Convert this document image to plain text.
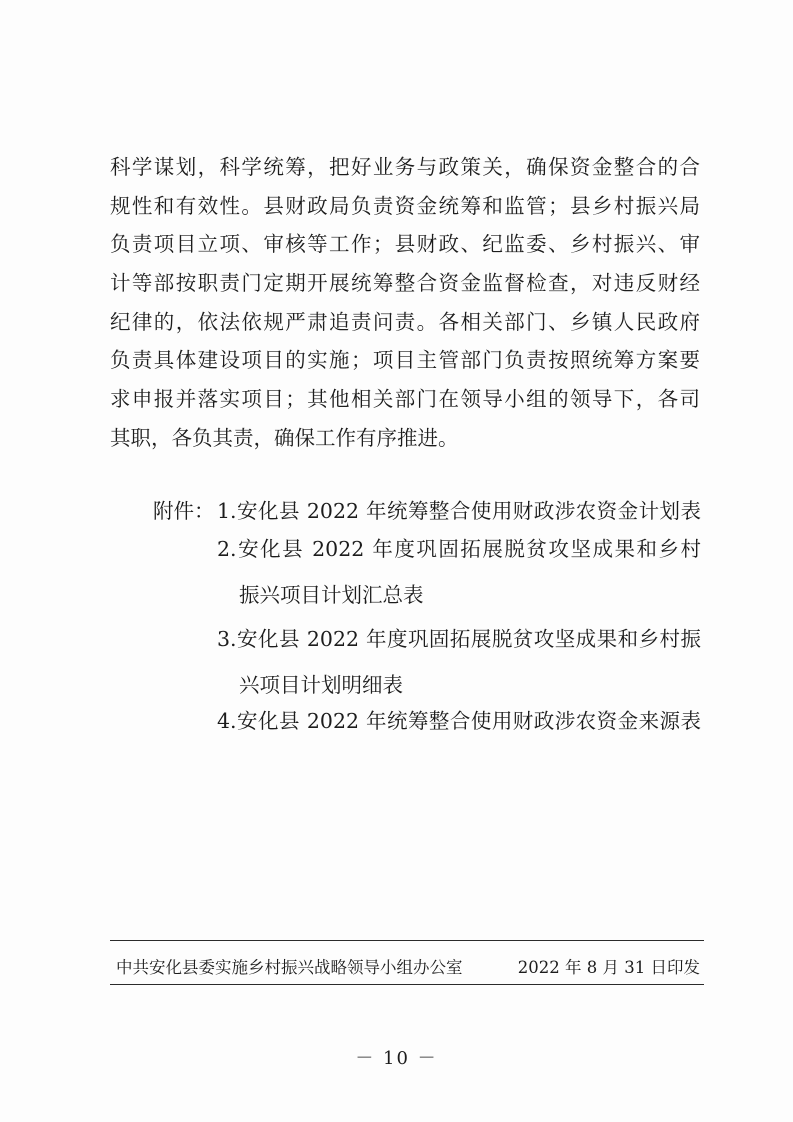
科学谋划，科学统筹，把好业务与政策关，确保资金整合的合
规性和有效性。县财政局负责资金统筹和监管；县乡村振兴局
负责项目立项、审核等工作；县财政、纪监委、乡村振兴、审
计等部按职责门定期开展统筹整合资金监督检查，对违反财经
纪律的，依法依规严肃追责问责。各相关部门、乡镇人民政府
负责具体建设项目的实施；项目主管部门负责按照统筹方案要
求申报并落实项目；其他相关部门在领导小组的领导下，各司
其职，各负其责，确保工作有序推进。
附件： 1.安化县 2022 年统筹整合使用财政涉农资金计划表
2.安化县 2022 年度巩固拓展脱贫攻坚成果和乡村
振兴项目计划汇总表
3.安化县 2022 年度巩固拓展脱贫攻坚成果和乡村振
兴项目计划明细表
4.安化县 2022 年统筹整合使用财政涉农资金来源表
中共安化县委实施乡村振兴战略领导小组办公室	2022 年 8 月 31 日印发
－ 10 －
